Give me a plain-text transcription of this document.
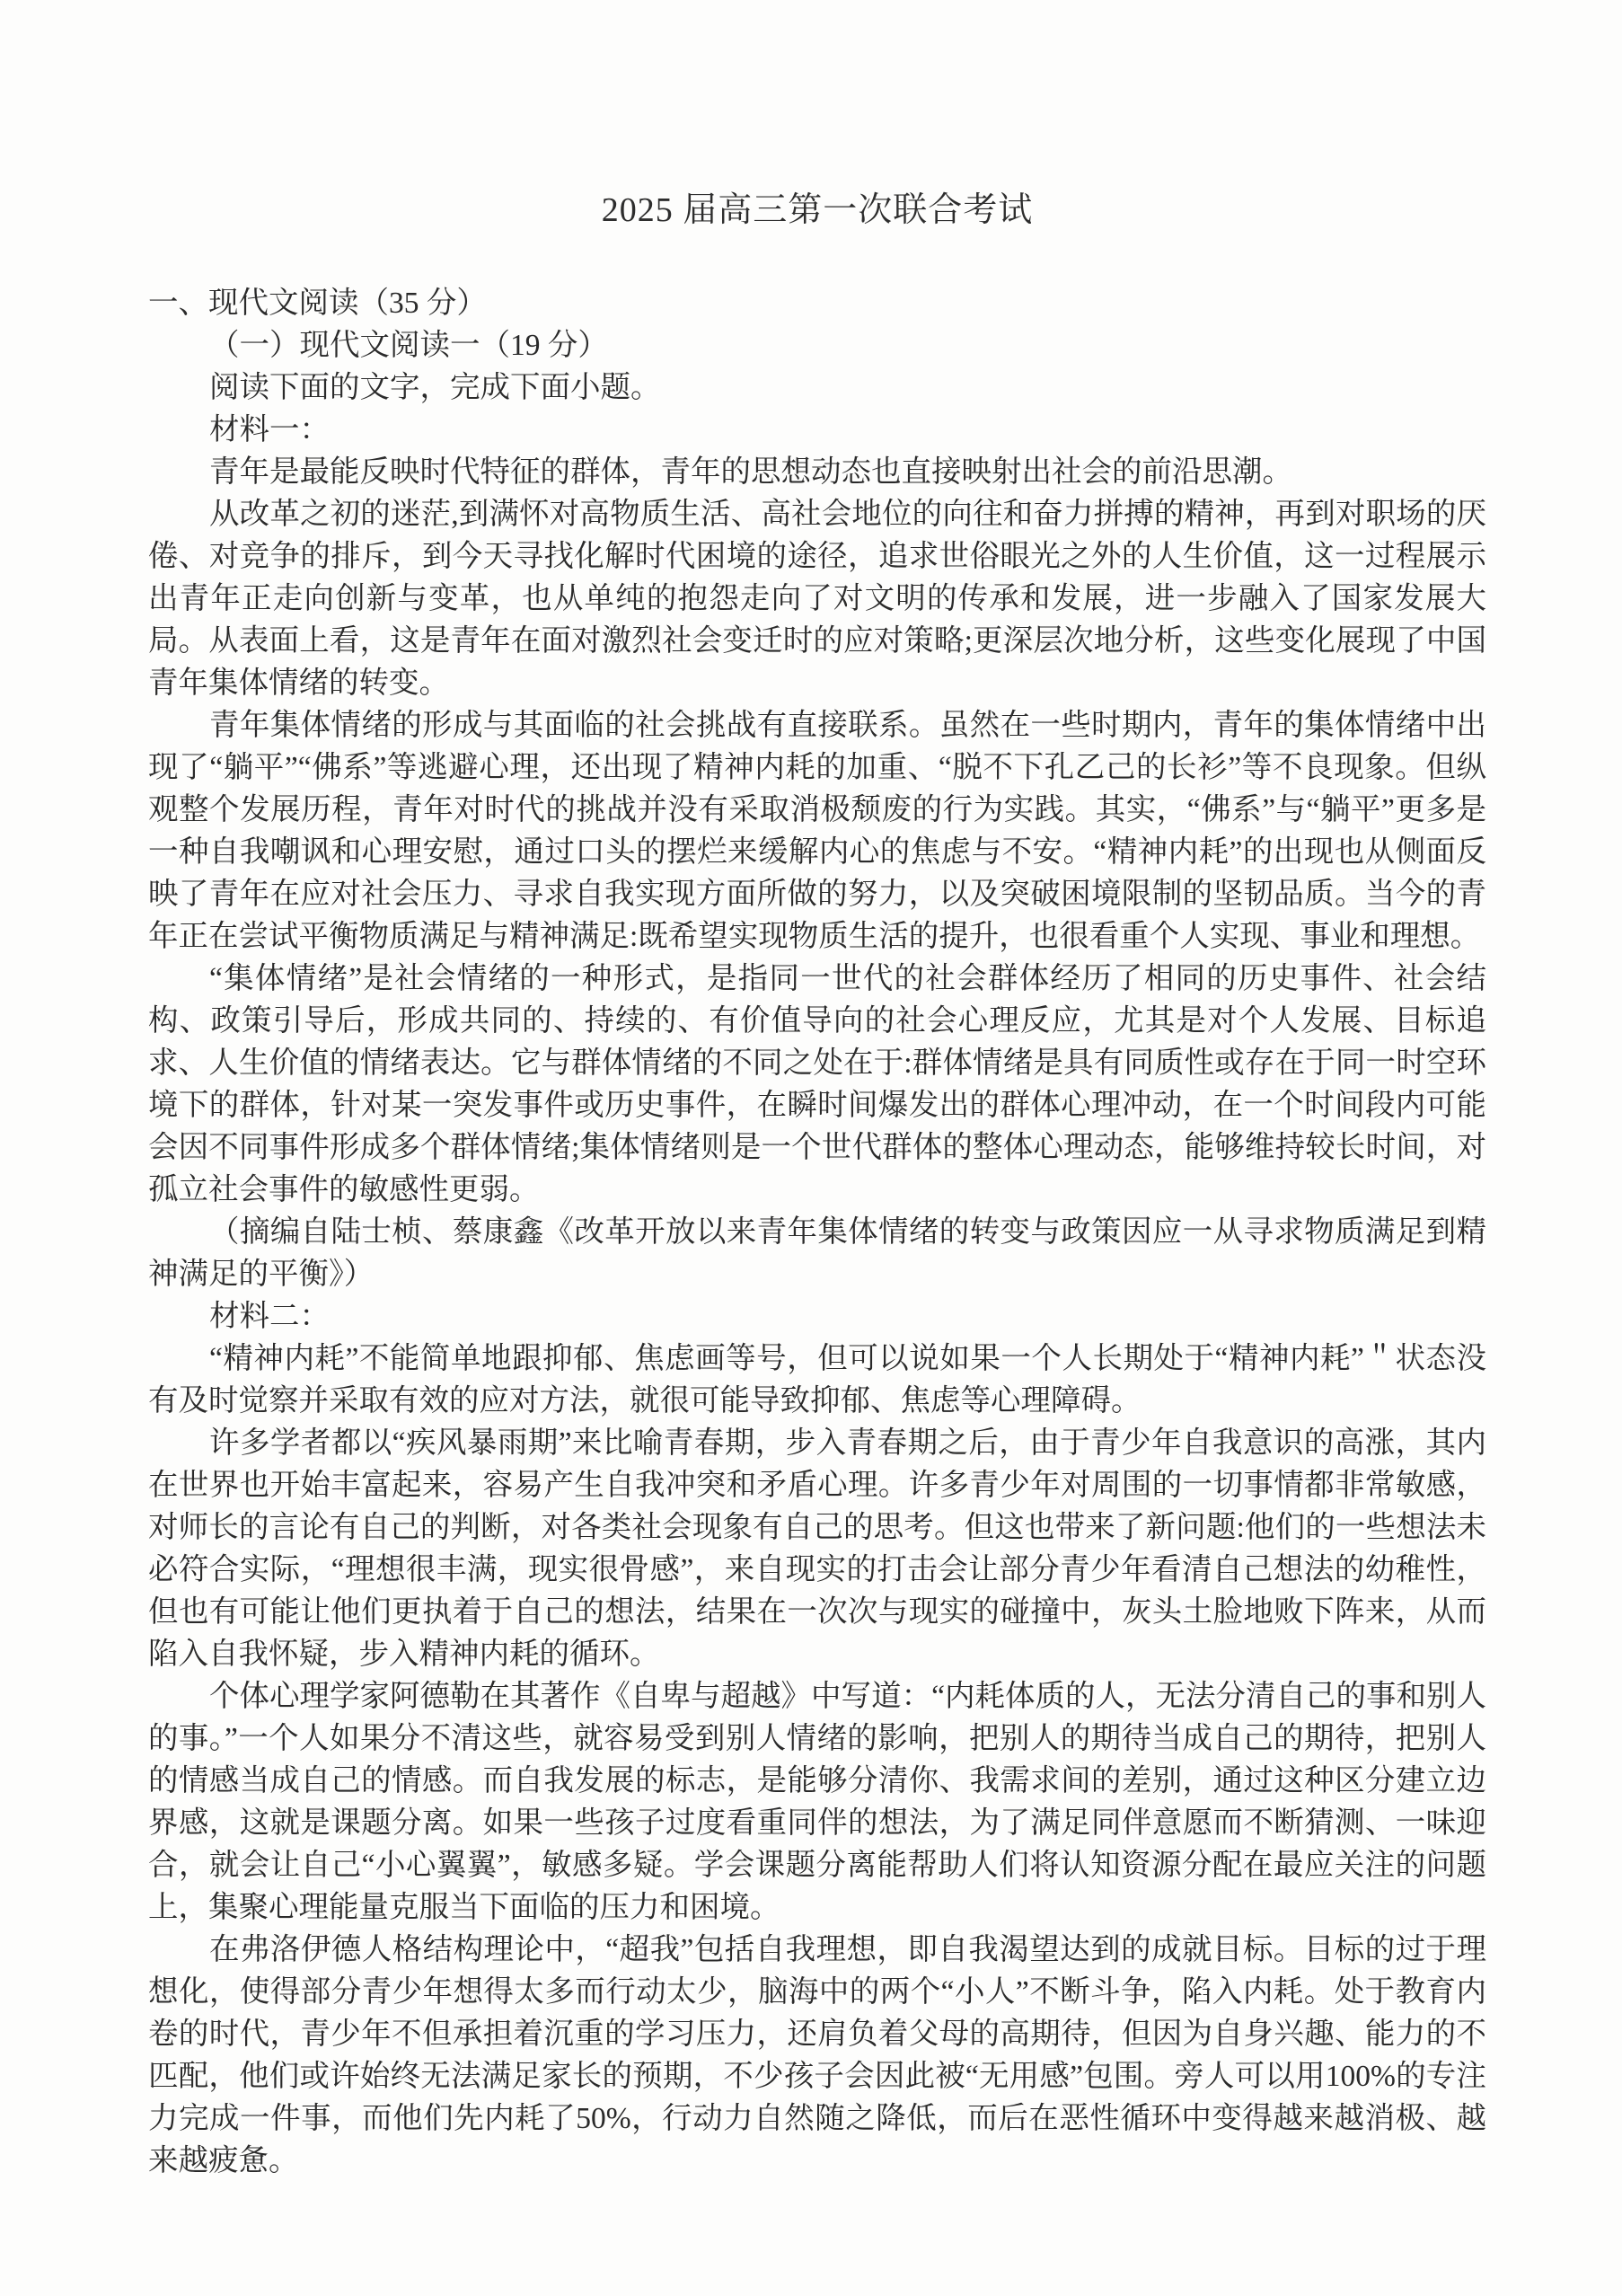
2025 届高三第一次联合考试

一、现代文阅读（35 分）

（一）现代文阅读一（19 分）

阅读下面的文字，完成下面小题。

材料一：

青年是最能反映时代特征的群体，青年的思想动态也直接映射出社会的前沿思潮。

从改革之初的迷茫,到满怀对高物质生活、高社会地位的向往和奋力拼搏的精神，再到对职场的厌倦、对竞争的排斥，到今天寻找化解时代困境的途径，追求世俗眼光之外的人生价值，这一过程展示出青年正走向创新与变革，也从单纯的抱怨走向了对文明的传承和发展，进一步融入了国家发展大局。从表面上看，这是青年在面对激烈社会变迁时的应对策略;更深层次地分析，这些变化展现了中国青年集体情绪的转变。

青年集体情绪的形成与其面临的社会挑战有直接联系。虽然在一些时期内，青年的集体情绪中出现了“躺平”“佛系”等逃避心理，还出现了精神内耗的加重、“脱不下孔乙己的长衫”等不良现象。但纵观整个发展历程，青年对时代的挑战并没有采取消极颓废的行为实践。其实，“佛系”与“躺平”更多是一种自我嘲讽和心理安慰，通过口头的摆烂来缓解内心的焦虑与不安。“精神内耗”的出现也从侧面反映了青年在应对社会压力、寻求自我实现方面所做的努力，以及突破困境限制的坚韧品质。当今的青年正在尝试平衡物质满足与精神满足:既希望实现物质生活的提升，也很看重个人实现、事业和理想。

“集体情绪”是社会情绪的一种形式，是指同一世代的社会群体经历了相同的历史事件、社会结构、政策引导后，形成共同的、持续的、有价值导向的社会心理反应，尤其是对个人发展、目标追求、人生价值的情绪表达。它与群体情绪的不同之处在于:群体情绪是具有同质性或存在于同一时空环境下的群体，针对某一突发事件或历史事件，在瞬时间爆发出的群体心理冲动，在一个时间段内可能会因不同事件形成多个群体情绪;集体情绪则是一个世代群体的整体心理动态，能够维持较长时间，对孤立社会事件的敏感性更弱。

（摘编自陆士桢、蔡康鑫《改革开放以来青年集体情绪的转变与政策因应一从寻求物质满足到精神满足的平衡》）

材料二：

“精神内耗”不能简单地跟抑郁、焦虑画等号，但可以说如果一个人长期处于“精神内耗”＂状态没有及时觉察并采取有效的应对方法，就很可能导致抑郁、焦虑等心理障碍。

许多学者都以“疾风暴雨期”来比喻青春期，步入青春期之后，由于青少年自我意识的高涨，其内在世界也开始丰富起来，容易产生自我冲突和矛盾心理。许多青少年对周围的一切事情都非常敏感，对师长的言论有自己的判断，对各类社会现象有自己的思考。但这也带来了新问题:他们的一些想法未必符合实际，“理想很丰满，现实很骨感”，来自现实的打击会让部分青少年看清自己想法的幼稚性，但也有可能让他们更执着于自己的想法，结果在一次次与现实的碰撞中，灰头土脸地败下阵来，从而陷入自我怀疑，步入精神内耗的循环。

个体心理学家阿德勒在其著作《自卑与超越》中写道：“内耗体质的人，无法分清自己的事和别人的事。”一个人如果分不清这些，就容易受到别人情绪的影响，把别人的期待当成自己的期待，把别人的情感当成自己的情感。而自我发展的标志，是能够分清你、我需求间的差别，通过这种区分建立边界感，这就是课题分离。如果一些孩子过度看重同伴的想法，为了满足同伴意愿而不断猜测、一味迎合，就会让自己“小心翼翼”，敏感多疑。学会课题分离能帮助人们将认知资源分配在最应关注的问题上，集聚心理能量克服当下面临的压力和困境。

在弗洛伊德人格结构理论中，“超我”包括自我理想，即自我渴望达到的成就目标。目标的过于理想化，使得部分青少年想得太多而行动太少，脑海中的两个“小人”不断斗争，陷入内耗。处于教育内卷的时代，青少年不但承担着沉重的学习压力，还肩负着父母的高期待，但因为自身兴趣、能力的不匹配，他们或许始终无法满足家长的预期，不少孩子会因此被“无用感”包围。旁人可以用100%的专注力完成一件事，而他们先内耗了50%，行动力自然随之降低，而后在恶性循环中变得越来越消极、越来越疲惫。
